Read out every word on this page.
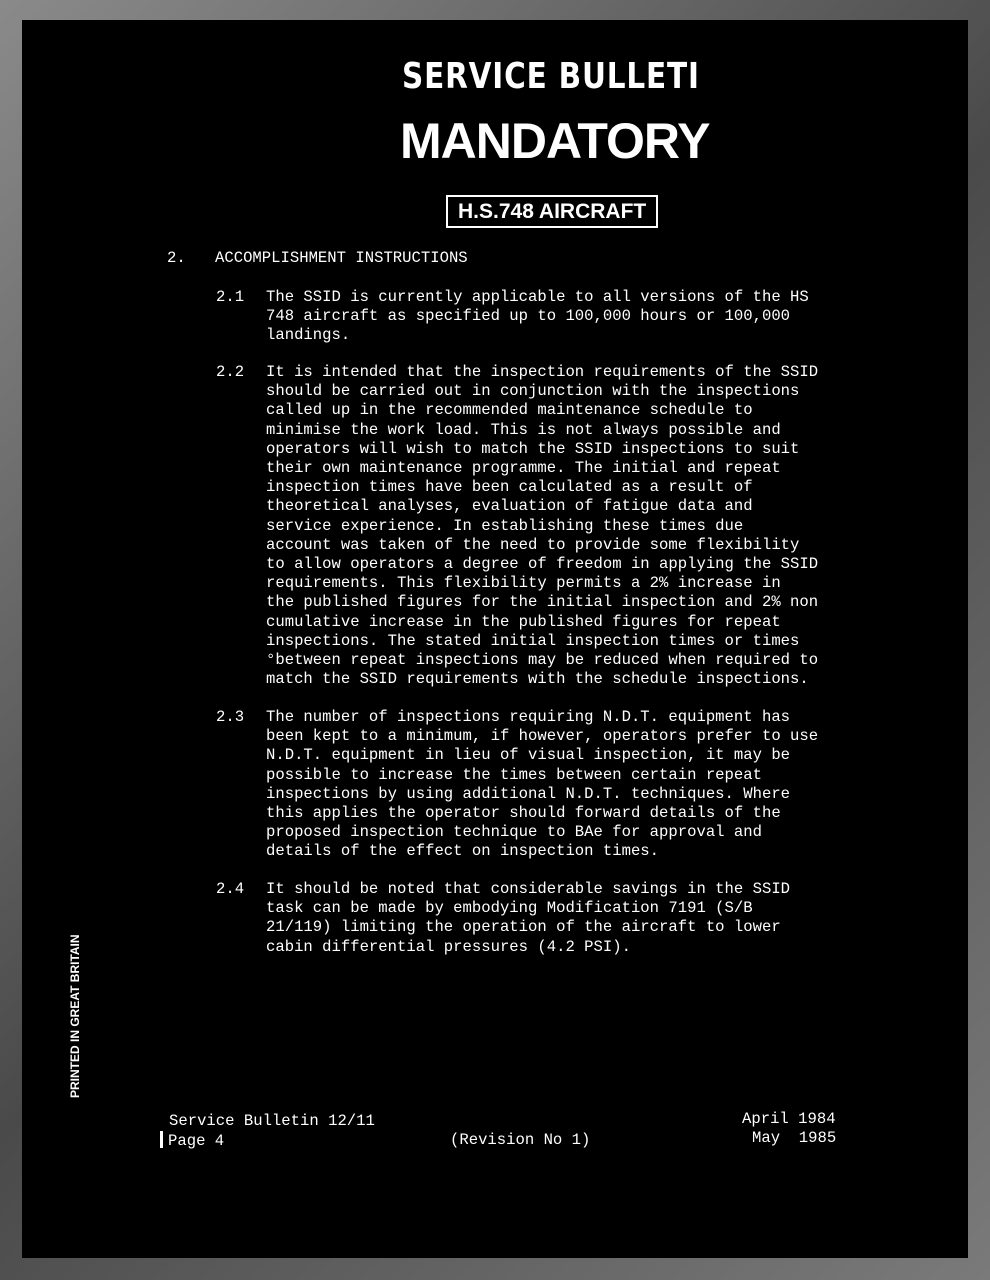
SERVICE BULLETI
MANDATORY
H.S.748 AIRCRAFT
2. ACCOMPLISHMENT INSTRUCTIONS
2.1 The SSID is currently applicable to all versions of the HS
748 aircraft as specified up to 100,000 hours or 100,000
landings.
2.2 It is intended that the inspection requirements of the SSID
should be carried out in conjunction with the inspections
called up in the recommended maintenance schedule to
minimise the work load. This is not always possible and
operators will wish to match the SSID inspections to suit
their own maintenance programme. The initial and repeat
inspection times have been calculated as a result of
theoretical analyses, evaluation of fatigue data and
service experience. In establishing these times due
account was taken of the need to provide some flexibility
to allow operators a degree of freedom in applying the SSID
requirements. This flexibility permits a 2% increase in
the published figures for the initial inspection and 2% non
cumulative increase in the published figures for repeat
inspections. The stated initial inspection times or times
°between repeat inspections may be reduced when required to
match the SSID requirements with the schedule inspections.
2.3 The number of inspections requiring N.D.T. equipment has
been kept to a minimum, if however, operators prefer to use
N.D.T. equipment in lieu of visual inspection, it may be
possible to increase the times between certain repeat
inspections by using additional N.D.T. techniques. Where
this applies the operator should forward details of the
proposed inspection technique to BAe for approval and
details of the effect on inspection times.
2.4 It should be noted that considerable savings in the SSID
task can be made by embodying Modification 7191 (S/B
21/119) limiting the operation of the aircraft to lower
cabin differential pressures (4.2 PSI).
PRINTED IN GREAT BRITAIN
Service Bulletin 12/11
Page 4	(Revision No 1)
April 1984
May  1985
